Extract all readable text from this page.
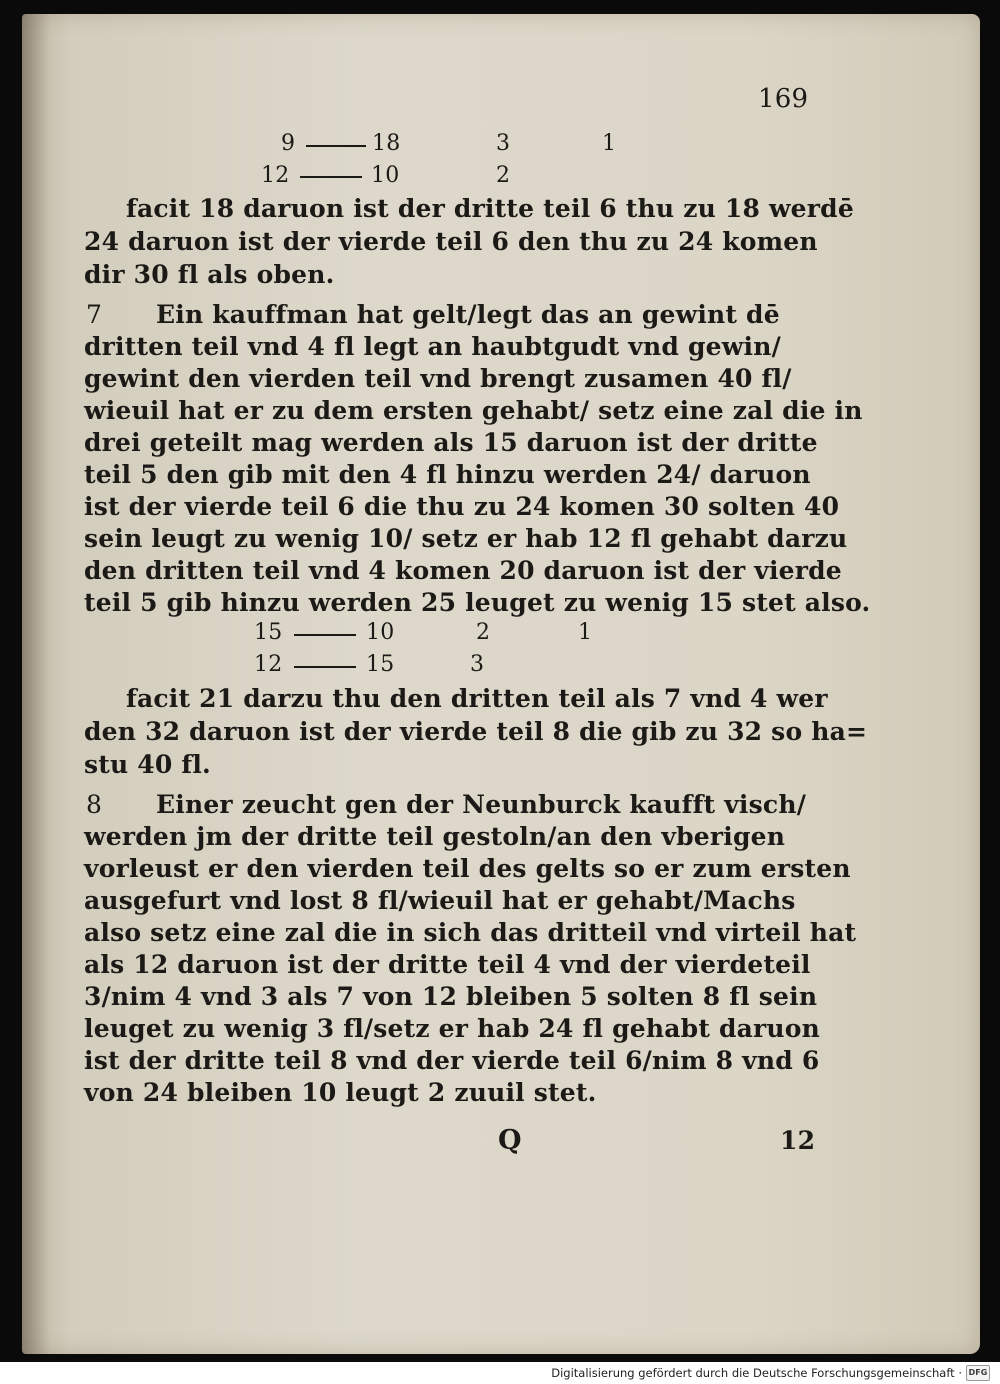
169
9	18	3	1
12	10	2
facit 18 daruon ist der dritte teil 6 thu zu 18 werdē
24 daruon ist der vierde teil 6 den thu zu 24 komen
dir 30 fl als oben.
7 Ein kauffman hat gelt/legt das an gewint dē
dritten teil vnd 4 fl legt an haubtgudt vnd gewin/
gewint den vierden teil vnd brengt zusamen 40 fl/
wieuil hat er zu dem ersten gehabt/ setz eine zal die in
drei geteilt mag werden als 15 daruon ist der dritte
teil 5 den gib mit den 4 fl hinzu werden 24/ daruon
ist der vierde teil 6 die thu zu 24 komen 30 solten 40
sein leugt zu wenig 10/ setz er hab 12 fl gehabt darzu
den dritten teil vnd 4 komen 20 daruon ist der vierde
teil 5 gib hinzu werden 25 leuget zu wenig 15 stet also.
15	10	2	1
12	15	3
facit 21 darzu thu den dritten teil als 7 vnd 4 wer
den 32 daruon ist der vierde teil 8 die gib zu 32 so ha=
stu 40 fl.
8 Einer zeucht gen der Neunburck kaufft visch/
werden jm der dritte teil gestoln/an den vberigen
vorleust er den vierden teil des gelts so er zum ersten
ausgefurt vnd lost 8 fl/wieuil hat er gehabt/Machs
also setz eine zal die in sich das dritteil vnd virteil hat
als 12 daruon ist der dritte teil 4 vnd der vierdeteil
3/nim 4 vnd 3 als 7 von 12 bleiben 5 solten 8 fl sein
leuget zu wenig 3 fl/setz er hab 24 fl gehabt daruon
ist der dritte teil 8 vnd der vierde teil 6/nim 8 vnd 6
von 24 bleiben 10 leugt 2 zuuil stet.
Q	12
Digitalisierung gefördert durch die Deutsche Forschungsgemeinschaft · DFG
